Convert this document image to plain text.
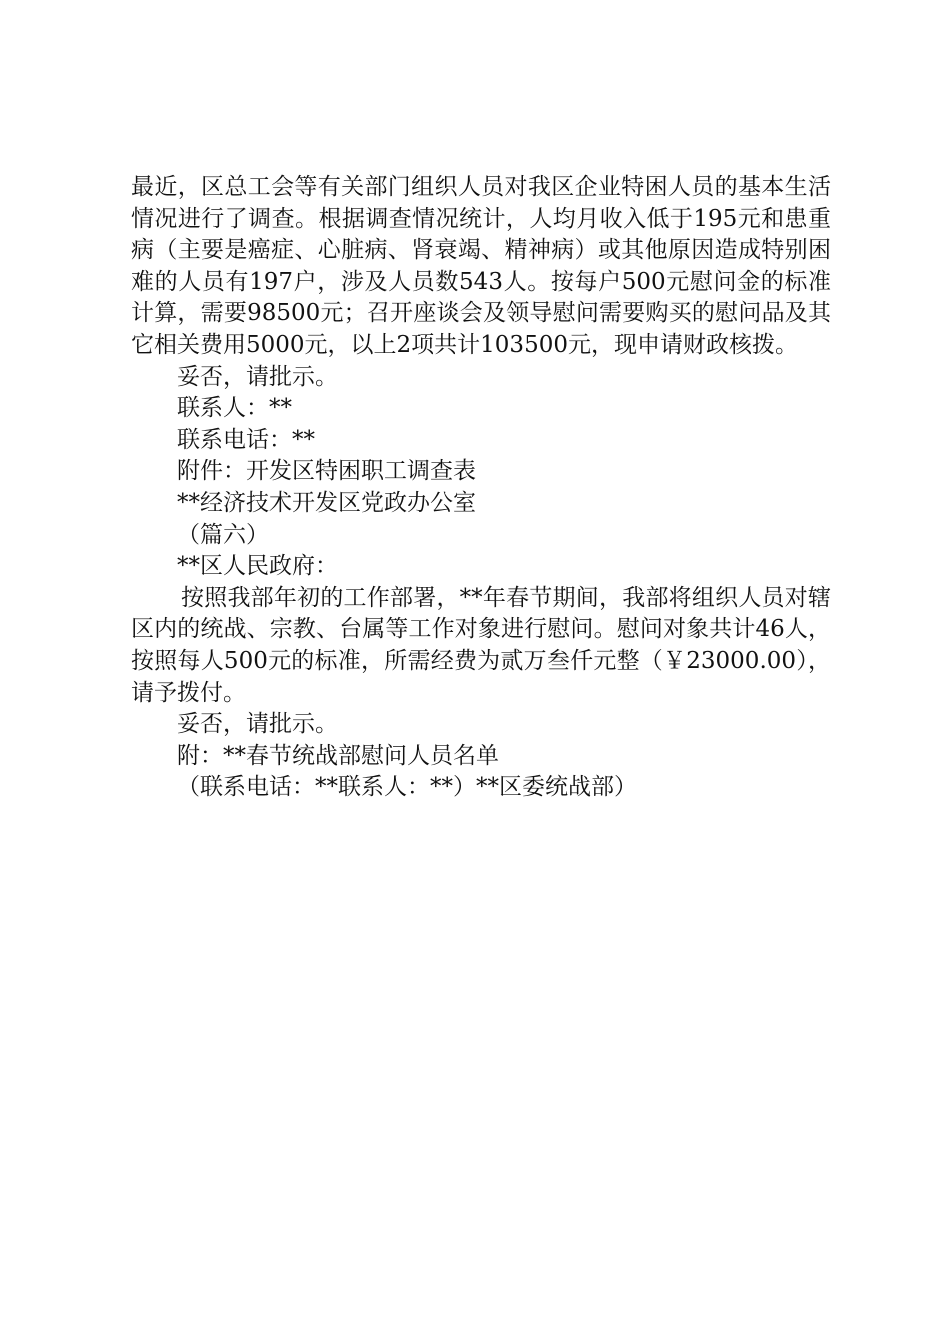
最近，区总工会等有关部门组织人员对我区企业特困人员的基本生活情况进行了调查。根据调查情况统计，人均月收入低于195元和患重病（主要是癌症、心脏病、肾衰竭、精神病）或其他原因造成特别困难的人员有197户，涉及人员数543人。按每户500元慰问金的标准计算，需要98500元；召开座谈会及领导慰问需要购买的慰问品及其它相关费用5000元，以上2项共计103500元，现申请财政核拨。

妥否，请批示。

联系人：**

联系电话：**

附件：开发区特困职工调查表

**经济技术开发区党政办公室

（篇六）

**区人民政府：

按照我部年初的工作部署，**年春节期间，我部将组织人员对辖区内的统战、宗教、台属等工作对象进行慰问。慰问对象共计46人，按照每人500元的标准，所需经费为贰万叁仟元整（￥23000.00），请予拨付。

妥否，请批示。

附：**春节统战部慰问人员名单

（联系电话：**联系人：**）**区委统战部）
